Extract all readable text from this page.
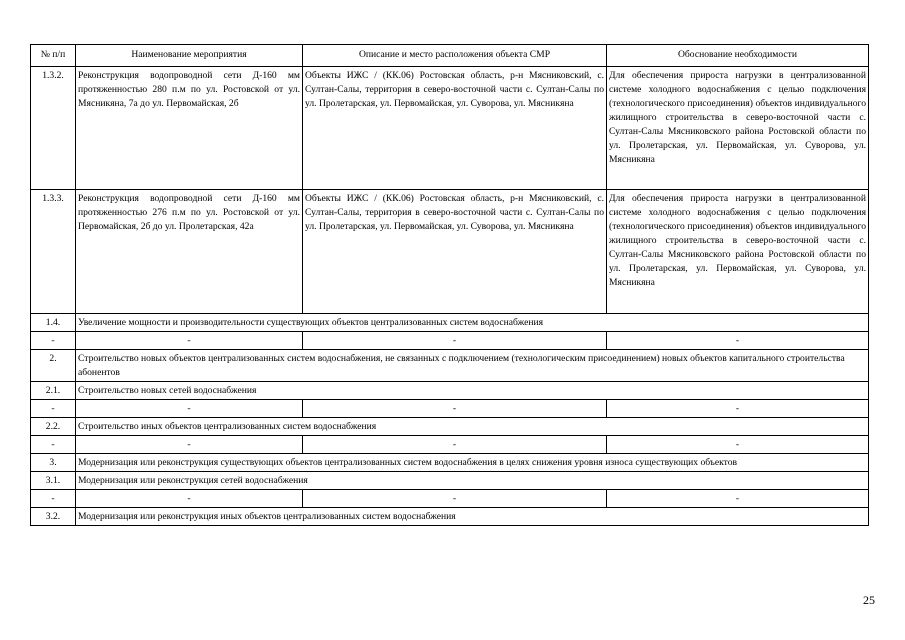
№ п/п	Наименование мероприятия	Описание и место расположения объекта СМР	Обоснование необходимости
1.3.2.	Реконструкция водопроводной сети Д-160 мм протяженностью 280 п.м по ул. Ростовской от ул. Мясникяна, 7а до ул. Первомайская, 2б	Объекты ИЖС / (КК.06) Ростовская область, р-н Мясниковский, с. Султан-Салы, территория в северо-восточной части с. Султан-Салы по ул. Пролетарская, ул. Первомайская, ул. Суворова, ул. Мясникяна	Для обеспечения прироста нагрузки в централизованной системе холодного водоснабжения с целью подключения (технологического присоединения) объектов индивидуального жилищного строительства в северо-восточной части с. Султан-Салы Мясниковского района Ростовской области по ул. Пролетарская, ул. Первомайская, ул. Суворова, ул. Мясникяна
1.3.3.	Реконструкция водопроводной сети Д-160 мм протяженностью 276 п.м по ул. Ростовской от ул. Первомайская, 2б до ул. Пролетарская, 42а	Объекты ИЖС / (КК.06) Ростовская область, р-н Мясниковский, с. Султан-Салы, территория в северо-восточной части с. Султан-Салы по ул. Пролетарская, ул. Первомайская, ул. Суворова, ул. Мясникяна	Для обеспечения прироста нагрузки в централизованной системе холодного водоснабжения с целью подключения (технологического присоединения) объектов индивидуального жилищного строительства в северо-восточной части с. Султан-Салы Мясниковского района Ростовской области по ул. Пролетарская, ул. Первомайская, ул. Суворова, ул. Мясникяна
1.4.	Увеличение мощности и производительности существующих объектов централизованных систем водоснабжения		
-	-	-	-
2.	Строительство новых объектов централизованных систем водоснабжения, не связанных с подключением (технологическим присоединением) новых объектов капитального строительства абонентов		
2.1.	Строительство новых сетей водоснабжения		
-	-	-	-
2.2.	Строительство иных объектов централизованных систем водоснабжения		
-	-	-	-
3.	Модернизация или реконструкция существующих объектов централизованных систем водоснабжения в целях снижения уровня износа существующих объектов		
3.1.	Модернизация или реконструкция сетей водоснабжения		
-	-	-	-
3.2.	Модернизация или реконструкция иных объектов централизованных систем водоснабжения		
25
